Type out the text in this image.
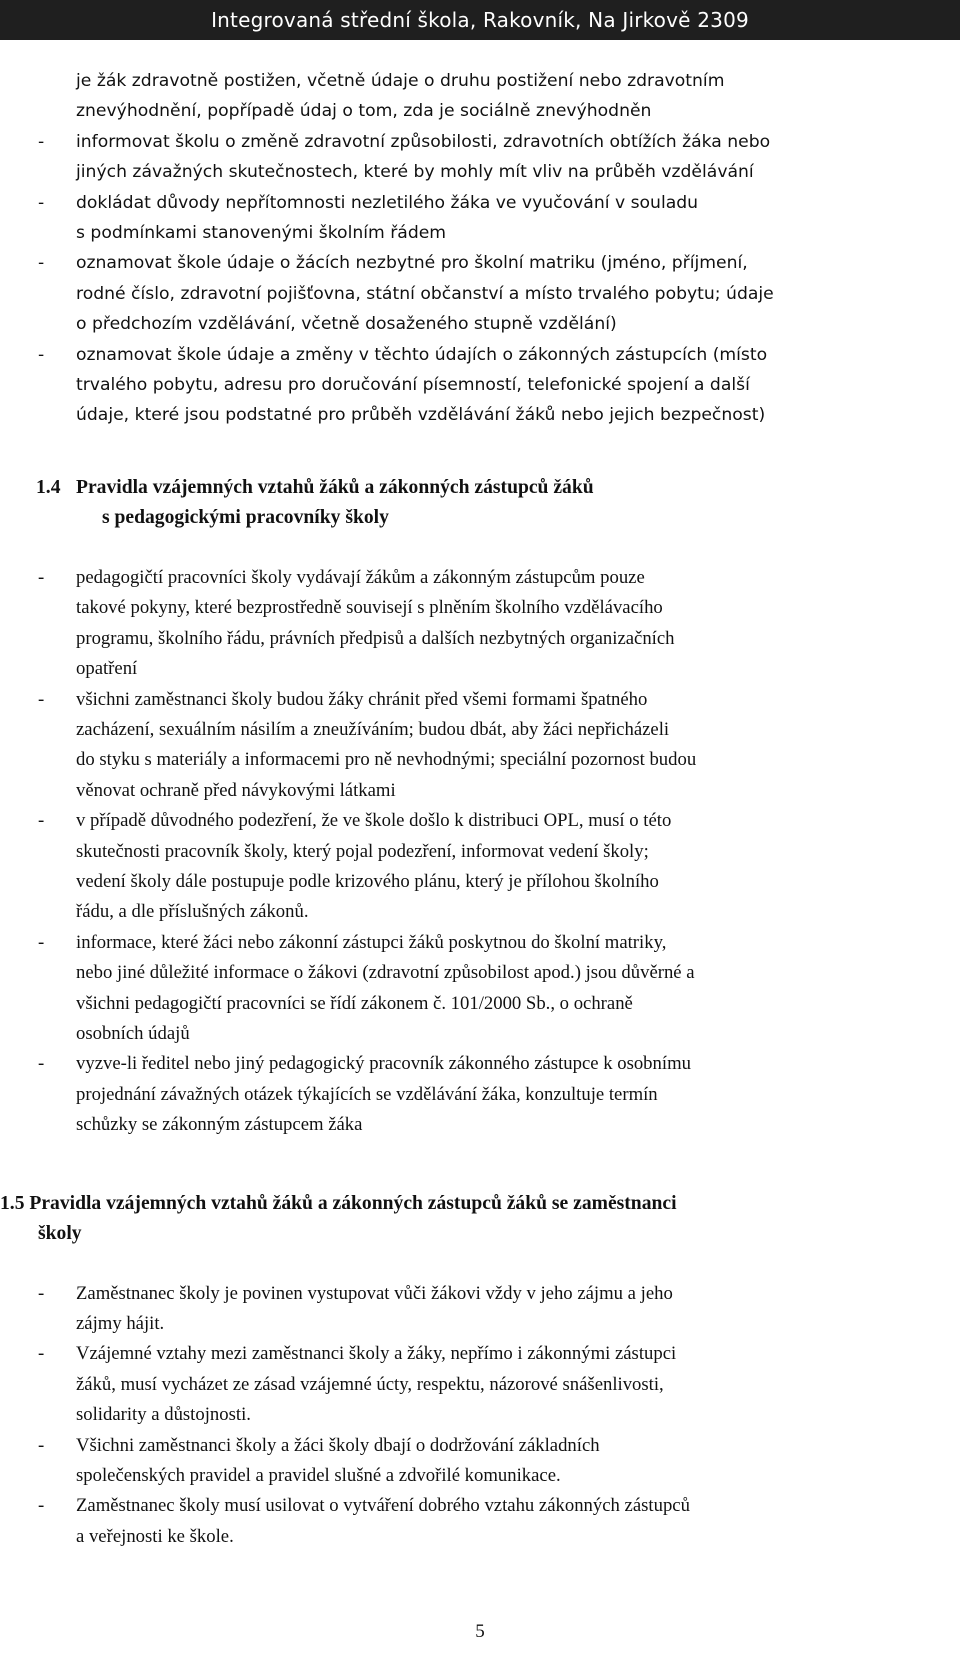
Integrovaná střední škola, Rakovník, Na Jirkově 2309
je žák zdravotně postižen, včetně údaje o druhu postižení nebo zdravotním
znevýhodnění, popřípadě údaj o tom, zda je sociálně znevýhodněn
-	informovat školu o změně zdravotní způsobilosti, zdravotních obtížích žáka nebo
jiných závažných skutečnostech, které by mohly mít vliv na průběh vzdělávání
-	dokládat důvody nepřítomnosti nezletilého žáka ve vyučování v souladu
s podmínkami stanovenými školním řádem
-	oznamovat škole údaje o žácích nezbytné pro školní matriku (jméno, příjmení,
rodné číslo, zdravotní pojišťovna, státní občanství a místo trvalého pobytu; údaje
o předchozím vzdělávání, včetně dosaženého stupně vzdělání)
-	oznamovat škole údaje a změny v těchto údajích o zákonných zástupcích (místo
trvalého pobytu, adresu pro doručování písemností, telefonické spojení a další
údaje, které jsou podstatné pro průběh vzdělávání žáků nebo jejich bezpečnost)
1.4 Pravidla vzájemných vztahů žáků a zákonných zástupců žáků
s pedagogickými pracovníky školy
-	pedagogičtí pracovníci školy vydávají žákům a zákonným zástupcům pouze
takové pokyny, které bezprostředně souvisejí s plněním školního vzdělávacího
programu, školního řádu, právních předpisů a dalších nezbytných organizačních
opatření
-	všichni zaměstnanci školy budou žáky chránit před všemi formami špatného
zacházení, sexuálním násilím a zneužíváním; budou dbát, aby žáci nepřicházeli
do styku s materiály a informacemi pro ně nevhodnými; speciální pozornost budou
věnovat ochraně před návykovými látkami
-	v případě důvodného podezření, že ve škole došlo k distribuci OPL, musí o této
skutečnosti pracovník školy, který pojal podezření, informovat vedení školy;
vedení školy dále postupuje podle krizového plánu, který je přílohou školního
řádu, a dle příslušných zákonů.
-	informace, které žáci nebo zákonní zástupci žáků poskytnou do školní matriky,
nebo jiné důležité informace o žákovi (zdravotní způsobilost apod.) jsou důvěrné a
všichni pedagogičtí pracovníci se řídí zákonem č. 101/2000 Sb., o ochraně
osobních údajů
-	vyzve-li ředitel nebo jiný pedagogický pracovník zákonného zástupce k osobnímu
projednání závažných otázek týkajících se vzdělávání žáka, konzultuje termín
schůzky se zákonným zástupcem žáka
1.5 Pravidla vzájemných vztahů žáků a zákonných zástupců žáků se zaměstnanci
školy
-	Zaměstnanec školy je povinen vystupovat vůči žákovi vždy v jeho zájmu a jeho
zájmy hájit.
-	Vzájemné vztahy mezi zaměstnanci školy a žáky, nepřímo i zákonnými zástupci
žáků, musí vycházet ze zásad vzájemné úcty, respektu, názorové snášenlivosti,
solidarity a důstojnosti.
-	Všichni zaměstnanci školy a žáci školy dbají o dodržování základních
společenských pravidel a pravidel slušné a zdvořilé komunikace.
-	Zaměstnanec školy musí usilovat o vytváření dobrého vztahu zákonných zástupců
a veřejnosti ke škole.
5
